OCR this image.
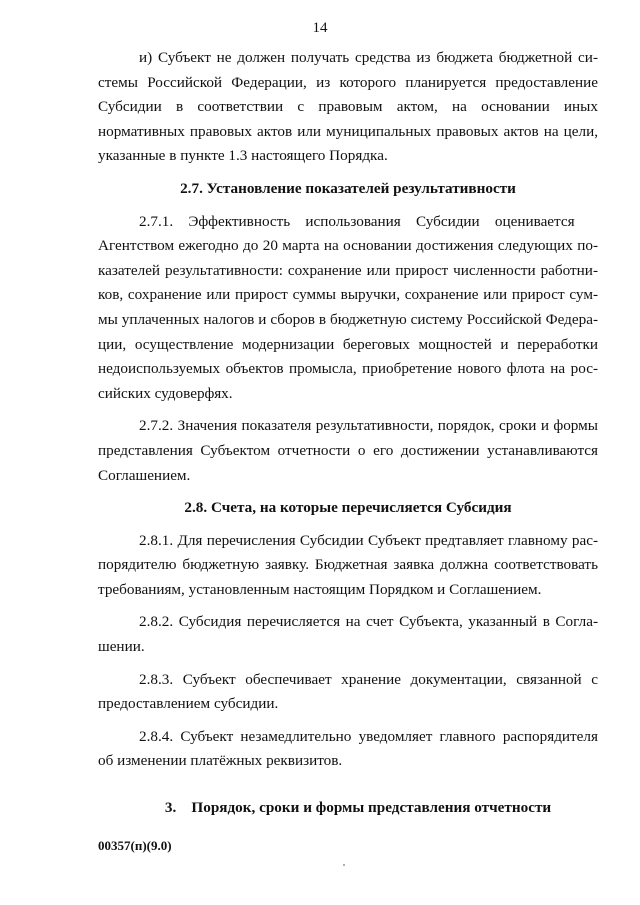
14

и) Субъект не должен получать средства из бюджета бюджетной системы Российской Федерации, из которого планируется предоставление Субсидии в соответствии с правовым актом, на основании иных нормативных правовых актов или муниципальных правовых актов на цели, указанные в пункте 1.3 настоящего Порядка.

2.7. Установление показателей результативности

2.7.1. Эффективность использования Субсидии оценивается Агентством ежегодно до 20 марта на основании достижения следующих показателей результативности: сохранение или прирост численности работников, сохранение или прирост суммы выручки, сохранение или прирост суммы уплаченных налогов и сборов в бюджетную систему Российской Федерации, осуществление модернизации береговых мощностей и переработки недоиспользуемых объектов промысла, приобретение нового флота на российских судоверфях.

2.7.2. Значения показателя результативности, порядок, сроки и формы представления Субъектом отчетности о его достижении устанавливаются Соглашением.

2.8. Счета, на которые перечисляется Субсидия

2.8.1. Для перечисления Субсидии Субъект предтавляет главному распорядителю бюджетную заявку. Бюджетная заявка должна соответствовать требованиям, установленным настоящим Порядком и Соглашением.

2.8.2. Субсидия перечисляется на счет Субъекта, указанный в Соглашении.

2.8.3. Субъект обеспечивает хранение документации, связанной с предоставлением субсидии.

2.8.4. Субъект незамедлительно уведомляет главного распорядителя об изменении платёжных реквизитов.

3. Порядок, сроки и формы представления отчетности

00357(п)(9.0)
